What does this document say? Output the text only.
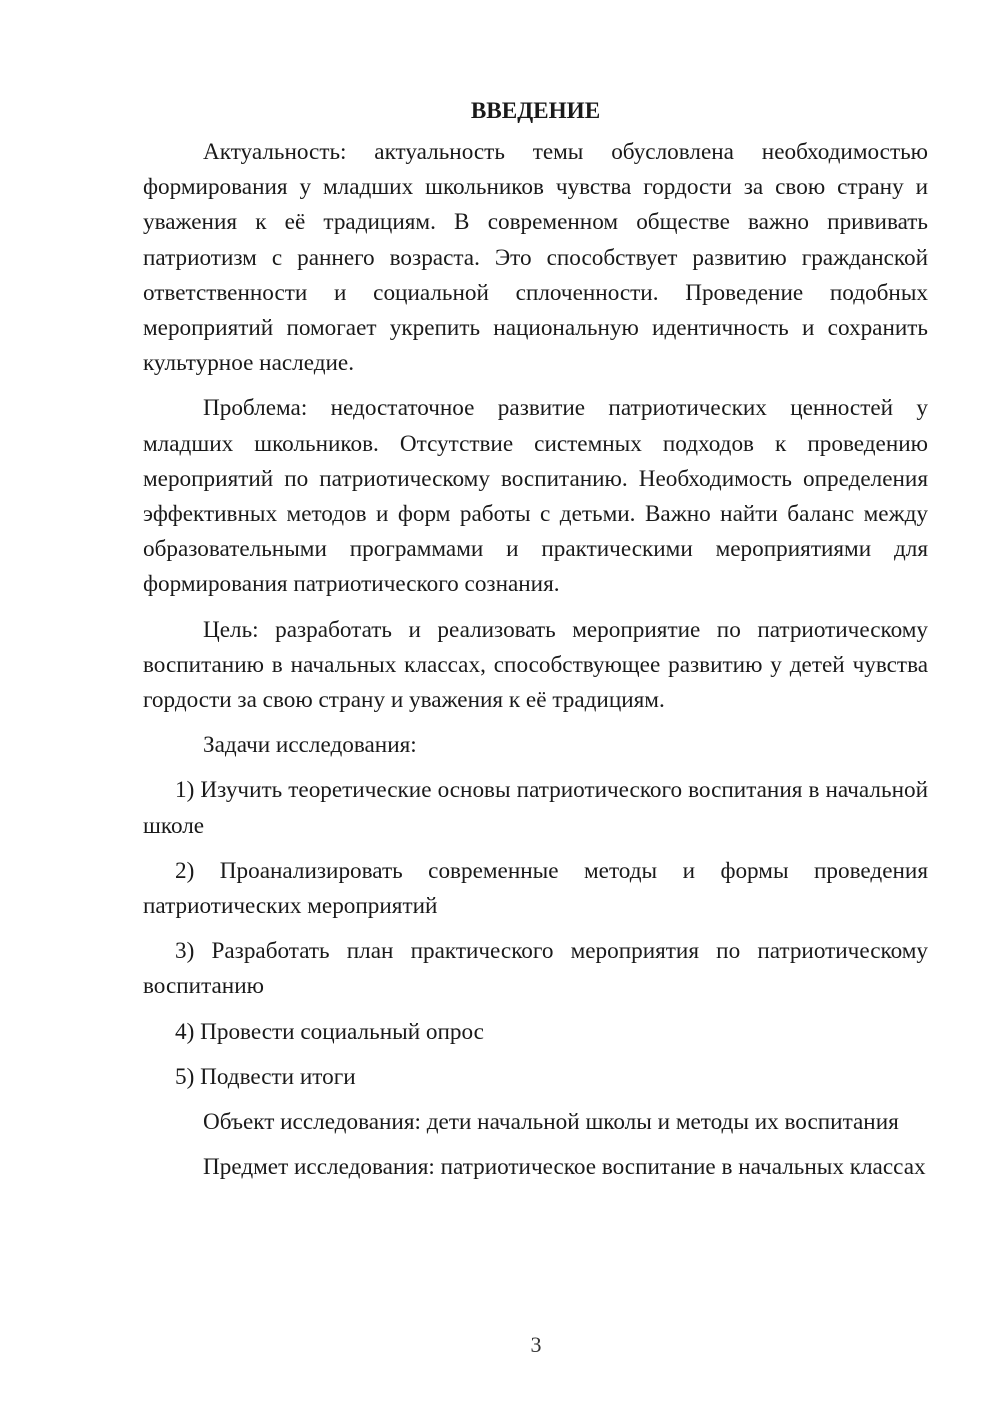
ВВЕДЕНИЕ

Актуальность: актуальность темы обусловлена необходимостью формирования у младших школьников чувства гордости за свою страну и уважения к её традициям. В современном обществе важно прививать патриотизм с раннего возраста. Это способствует развитию гражданской ответственности и социальной сплоченности. Проведение подобных мероприятий помогает укрепить национальную идентичность и сохранить культурное наследие.

Проблема: недостаточное развитие патриотических ценностей у младших школьников. Отсутствие системных подходов к проведению мероприятий по патриотическому воспитанию. Необходимость определения эффективных методов и форм работы с детьми. Важно найти баланс между образовательными программами и практическими мероприятиями для формирования патриотического сознания.

Цель: разработать и реализовать мероприятие по патриотическому воспитанию в начальных классах, способствующее развитию у детей чувства гордости за свою страну и уважения к её традициям.

Задачи исследования:

1) Изучить теоретические основы патриотического воспитания в начальной школе

2) Проанализировать современные методы и формы проведения патриотических мероприятий

3) Разработать план практического мероприятия по патриотическому воспитанию

4) Провести социальный опрос

5) Подвести итоги

Объект исследования: дети начальной школы и методы их воспитания

Предмет исследования: патриотическое воспитание в начальных классах

3
